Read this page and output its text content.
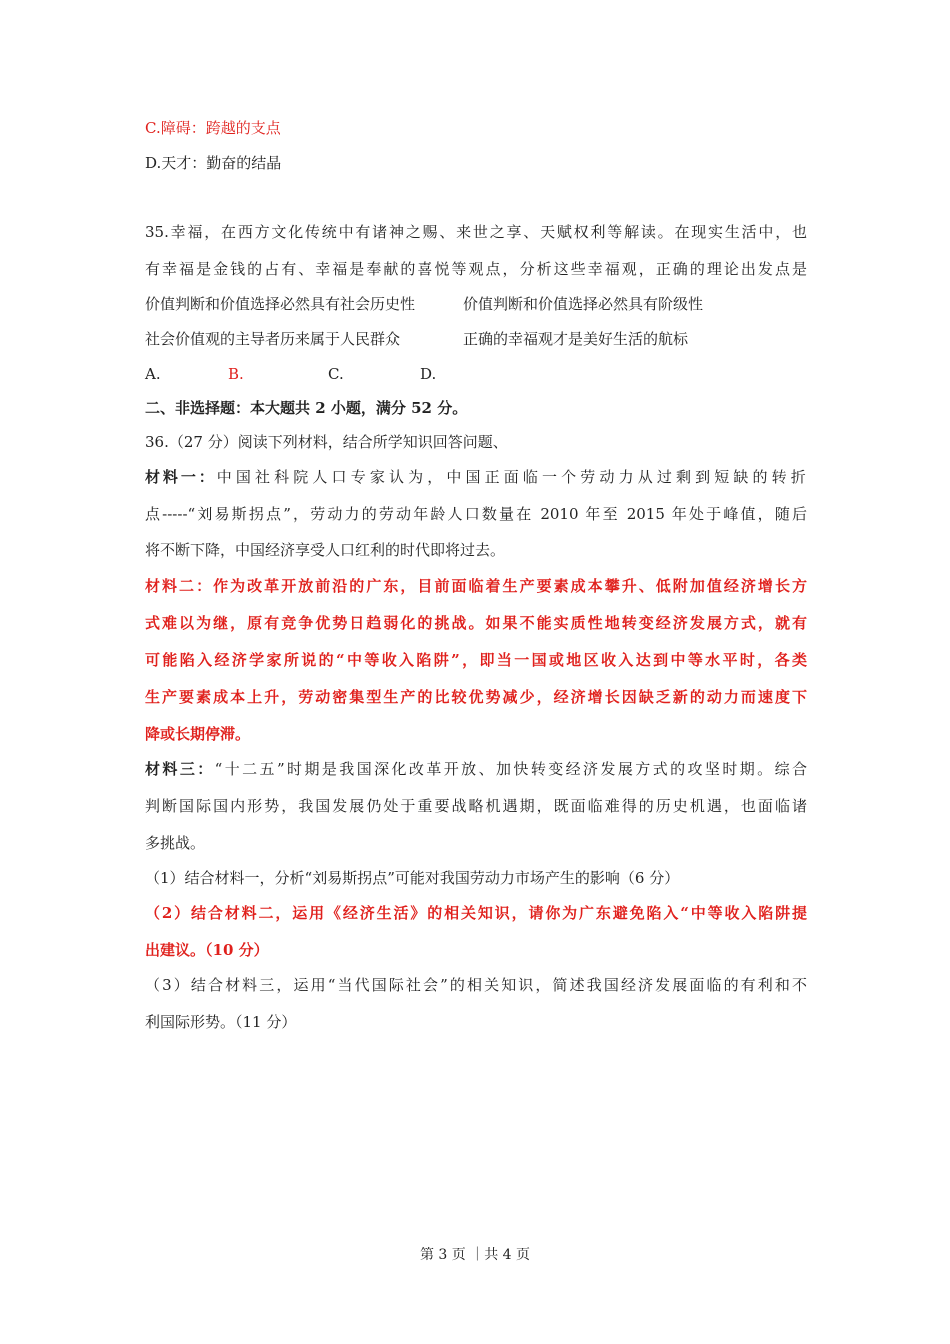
C.障碍：跨越的支点
D.天才：勤奋的结晶
35.幸福，在西方文化传统中有诸神之赐、来世之享、天赋权利等解读。在现实生活中，也
有幸福是金钱的占有、幸福是奉献的喜悦等观点，分析这些幸福观，正确的理论出发点是
价值判断和价值选择必然具有社会历史性	价值判断和价值选择必然具有阶级性
社会价值观的主导者历来属于人民群众	正确的幸福观才是美好生活的航标
A.	B.	C.	D.
二、非选择题：本大题共 2 小题，满分 52 分。
36.（27 分）阅读下列材料，结合所学知识回答问题、
材料一：中国社科院人口专家认为，中国正面临一个劳动力从过剩到短缺的转折
点-----“刘易斯拐点”，劳动力的劳动年龄人口数量在 2010 年至 2015 年处于峰值，随后
将不断下降，中国经济享受人口红利的时代即将过去。
材料二：作为改革开放前沿的广东，目前面临着生产要素成本攀升、低附加值经济增长方
式难以为继，原有竞争优势日趋弱化的挑战。如果不能实质性地转变经济发展方式，就有
可能陷入经济学家所说的“中等收入陷阱”，即当一国或地区收入达到中等水平时，各类
生产要素成本上升，劳动密集型生产的比较优势减少，经济增长因缺乏新的动力而速度下
降或长期停滞。
材料三：“十二五”时期是我国深化改革开放、加快转变经济发展方式的攻坚时期。综合
判断国际国内形势，我国发展仍处于重要战略机遇期，既面临难得的历史机遇，也面临诸
多挑战。
（1）结合材料一，分析“刘易斯拐点”可能对我国劳动力市场产生的影响（6 分）
（2）结合材料二，运用《经济生活》的相关知识，请你为广东避免陷入“中等收入陷阱提
出建议。（10 分）
（3）结合材料三，运用“当代国际社会”的相关知识，简述我国经济发展面临的有利和不
利国际形势。（11 分）
第 3 页 ｜共 4 页
